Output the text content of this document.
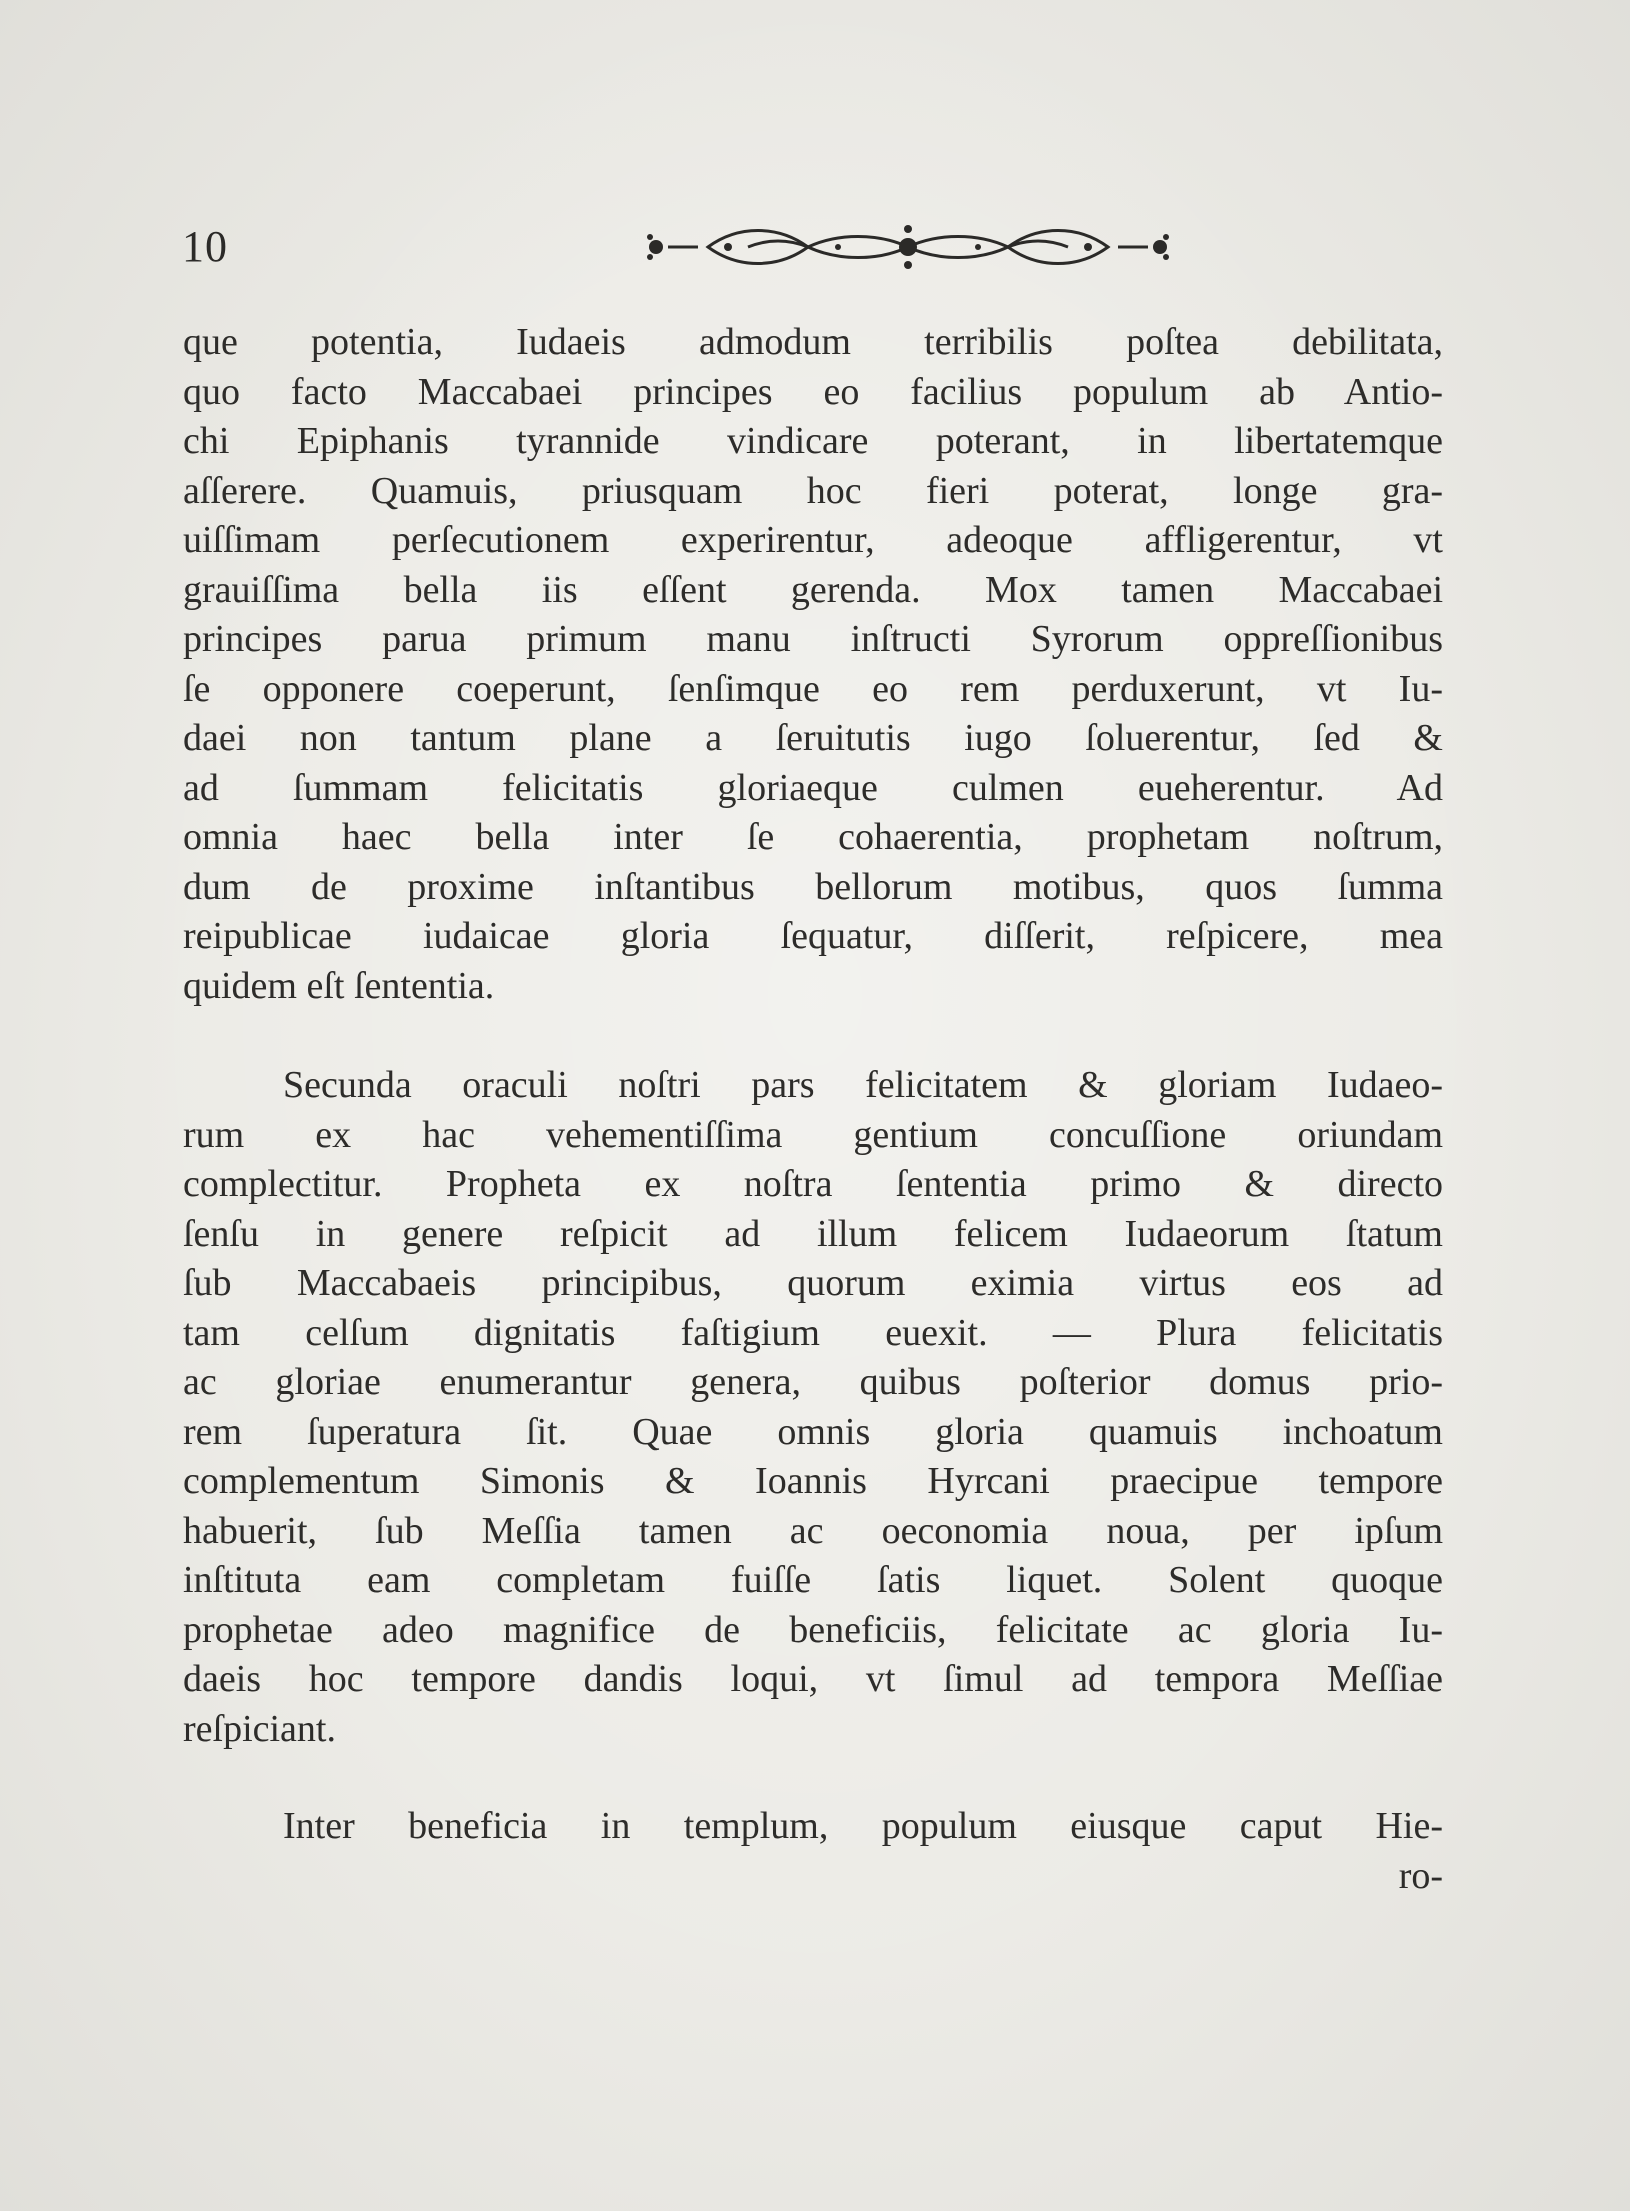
10
que potentia, Iudaeis admodum terribilis poſtea debilitata,
quo facto Maccabaei principes eo facilius populum ab Antio-
chi Epiphanis tyrannide vindicare poterant, in libertatemque
aſſerere. Quamuis, priusquam hoc fieri poterat, longe gra-
uiſſimam perſecutionem experirentur, adeoque affligerentur, vt
grauiſſima bella iis eſſent gerenda. Mox tamen Maccabaei
principes parua primum manu inſtructi Syrorum oppreſſionibus
ſe opponere coeperunt, ſenſimque eo rem perduxerunt, vt Iu-
daei non tantum plane a ſeruitutis iugo ſoluerentur, ſed &
ad ſummam felicitatis gloriaeque culmen eueherentur. Ad
omnia haec bella inter ſe cohaerentia, prophetam noſtrum,
dum de proxime inſtantibus bellorum motibus, quos ſumma
reipublicae iudaicae gloria ſequatur, diſſerit, reſpicere, mea
quidem eſt ſententia.
Secunda oraculi noſtri pars felicitatem & gloriam Iudaeo-
rum ex hac vehementiſſima gentium concuſſione oriundam
complectitur. Propheta ex noſtra ſententia primo & directo
ſenſu in genere reſpicit ad illum felicem Iudaeorum ſtatum
ſub Maccabaeis principibus, quorum eximia virtus eos ad
tam celſum dignitatis faſtigium euexit. — Plura felicitatis
ac gloriae enumerantur genera, quibus poſterior domus prio-
rem ſuperatura ſit. Quae omnis gloria quamuis inchoatum
complementum Simonis & Ioannis Hyrcani praecipue tempore
habuerit, ſub Meſſia tamen ac oeconomia noua, per ipſum
inſtituta eam completam fuiſſe ſatis liquet. Solent quoque
prophetae adeo magnifice de beneficiis, felicitate ac gloria Iu-
daeis hoc tempore dandis loqui, vt ſimul ad tempora Meſſiae
reſpiciant.
Inter beneficia in templum, populum eiusque caput Hie-
ro-
